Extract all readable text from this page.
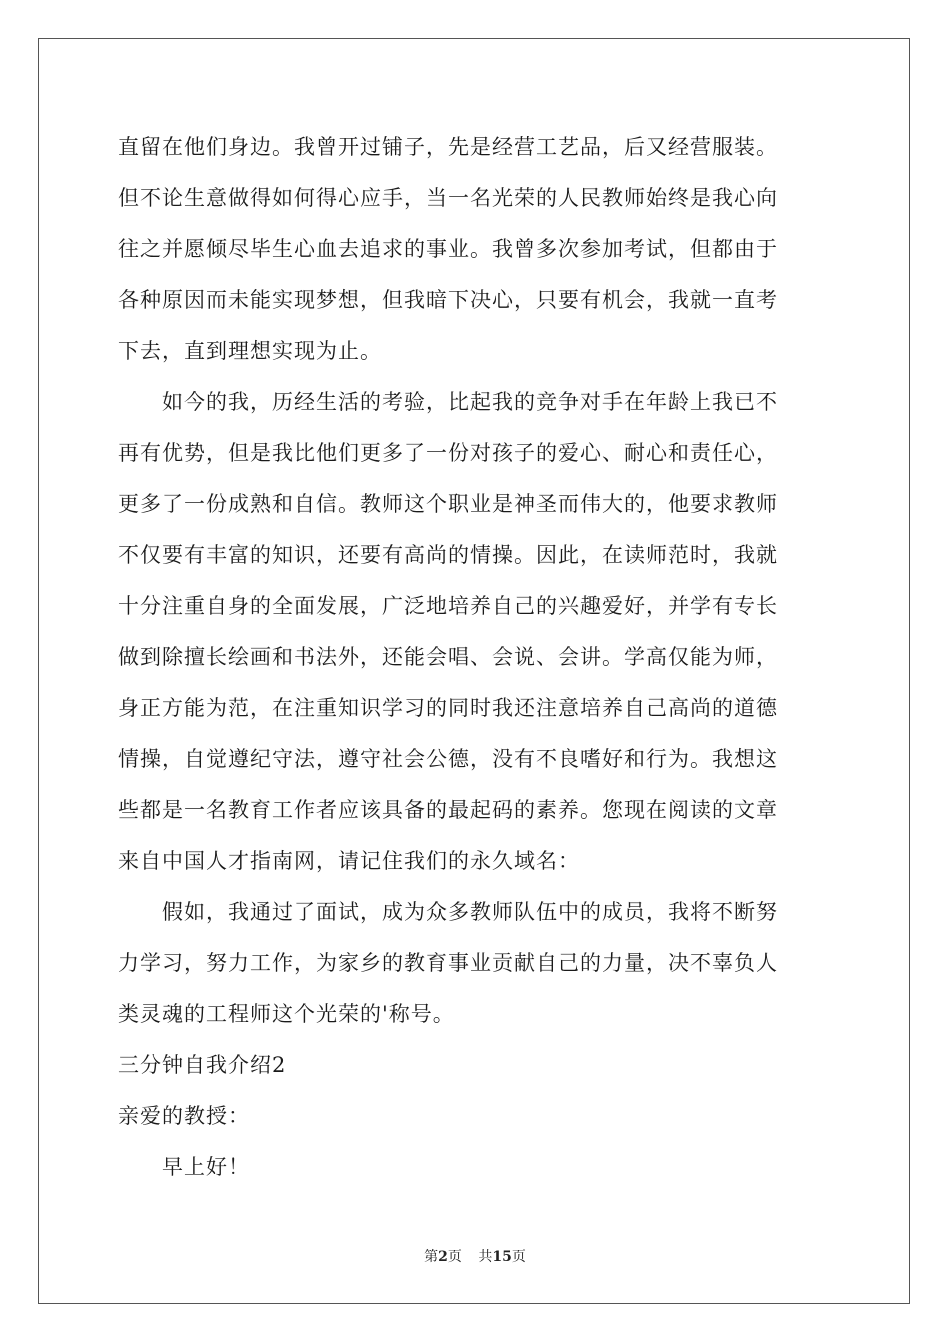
直留在他们身边。我曾开过铺子，先是经营工艺品，后又经营服装。
但不论生意做得如何得心应手，当一名光荣的人民教师始终是我心向
往之并愿倾尽毕生心血去追求的事业。我曾多次参加考试，但都由于
各种原因而未能实现梦想，但我暗下决心，只要有机会，我就一直考
下去，直到理想实现为止。
如今的我，历经生活的考验，比起我的竞争对手在年龄上我已不
再有优势，但是我比他们更多了一份对孩子的爱心、耐心和责任心，
更多了一份成熟和自信。教师这个职业是神圣而伟大的，他要求教师
不仅要有丰富的知识，还要有高尚的情操。因此，在读师范时，我就
十分注重自身的全面发展，广泛地培养自己的兴趣爱好，并学有专长
做到除擅长绘画和书法外，还能会唱、会说、会讲。学高仅能为师，
身正方能为范，在注重知识学习的同时我还注意培养自己高尚的道德
情操，自觉遵纪守法，遵守社会公德，没有不良嗜好和行为。我想这
些都是一名教育工作者应该具备的最起码的素养。您现在阅读的文章
来自中国人才指南网，请记住我们的永久域名：
假如，我通过了面试，成为众多教师队伍中的成员，我将不断努
力学习，努力工作，为家乡的教育事业贡献自己的力量，决不辜负人
类灵魂的工程师这个光荣的'称号。
三分钟自我介绍2
亲爱的教授：
早上好！
第2页 共15页
